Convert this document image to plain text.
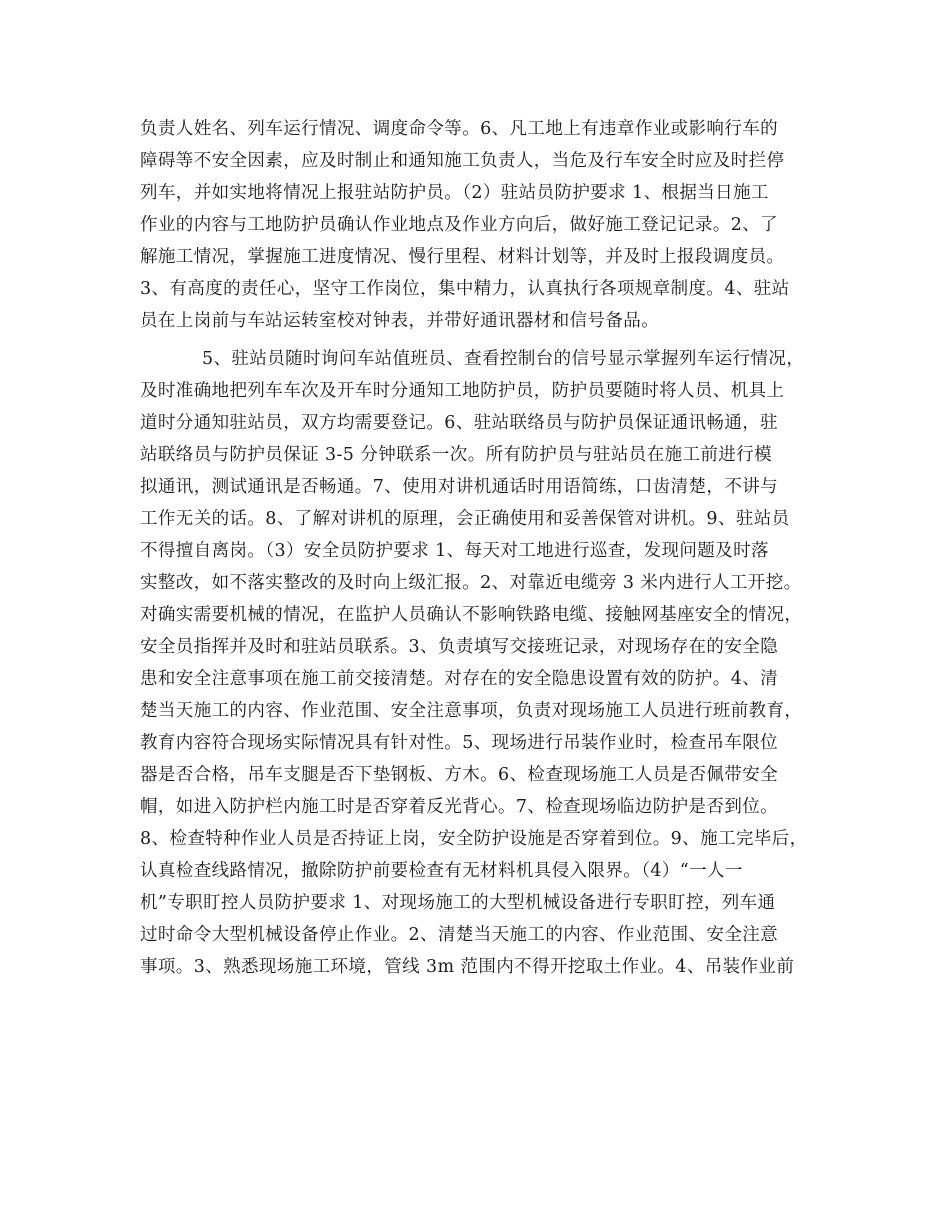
负责人姓名、列车运行情况、调度命令等。6、凡工地上有违章作业或影响行车的
障碍等不安全因素，应及时制止和通知施工负责人，当危及行车安全时应及时拦停
列车，并如实地将情况上报驻站防护员。（2）驻站员防护要求 1、根据当日施工
作业的内容与工地防护员确认作业地点及作业方向后，做好施工登记记录。2、了
解施工情况，掌握施工进度情况、慢行里程、材料计划等，并及时上报段调度员。
3、有高度的责任心，坚守工作岗位，集中精力，认真执行各项规章制度。4、驻站
员在上岗前与车站运转室校对钟表，并带好通讯器材和信号备品。
5、驻站员随时询问车站值班员、查看控制台的信号显示掌握列车运行情况，
及时准确地把列车车次及开车时分通知工地防护员，防护员要随时将人员、机具上
道时分通知驻站员，双方均需要登记。6、驻站联络员与防护员保证通讯畅通，驻
站联络员与防护员保证 3-5 分钟联系一次。所有防护员与驻站员在施工前进行模
拟通讯，测试通讯是否畅通。7、使用对讲机通话时用语简练，口齿清楚，不讲与
工作无关的话。8、了解对讲机的原理，会正确使用和妥善保管对讲机。9、驻站员
不得擅自离岗。（3）安全员防护要求 1、每天对工地进行巡查，发现问题及时落
实整改，如不落实整改的及时向上级汇报。2、对靠近电缆旁 3 米内进行人工开挖。
对确实需要机械的情况，在监护人员确认不影响铁路电缆、接触网基座安全的情况，
安全员指挥并及时和驻站员联系。3、负责填写交接班记录，对现场存在的安全隐
患和安全注意事项在施工前交接清楚。对存在的安全隐患设置有效的防护。4、清
楚当天施工的内容、作业范围、安全注意事项，负责对现场施工人员进行班前教育，
教育内容符合现场实际情况具有针对性。5、现场进行吊装作业时，检查吊车限位
器是否合格，吊车支腿是否下垫钢板、方木。6、检查现场施工人员是否佩带安全
帽，如进入防护栏内施工时是否穿着反光背心。7、检查现场临边防护是否到位。
8、检查特种作业人员是否持证上岗，安全防护设施是否穿着到位。9、施工完毕后，
认真检查线路情况，撤除防护前要检查有无材料机具侵入限界。（4）“一人一
机”专职盯控人员防护要求 1、对现场施工的大型机械设备进行专职盯控，列车通
过时命令大型机械设备停止作业。2、清楚当天施工的内容、作业范围、安全注意
事项。3、熟悉现场施工环境，管线 3m 范围内不得开挖取土作业。4、吊装作业前
